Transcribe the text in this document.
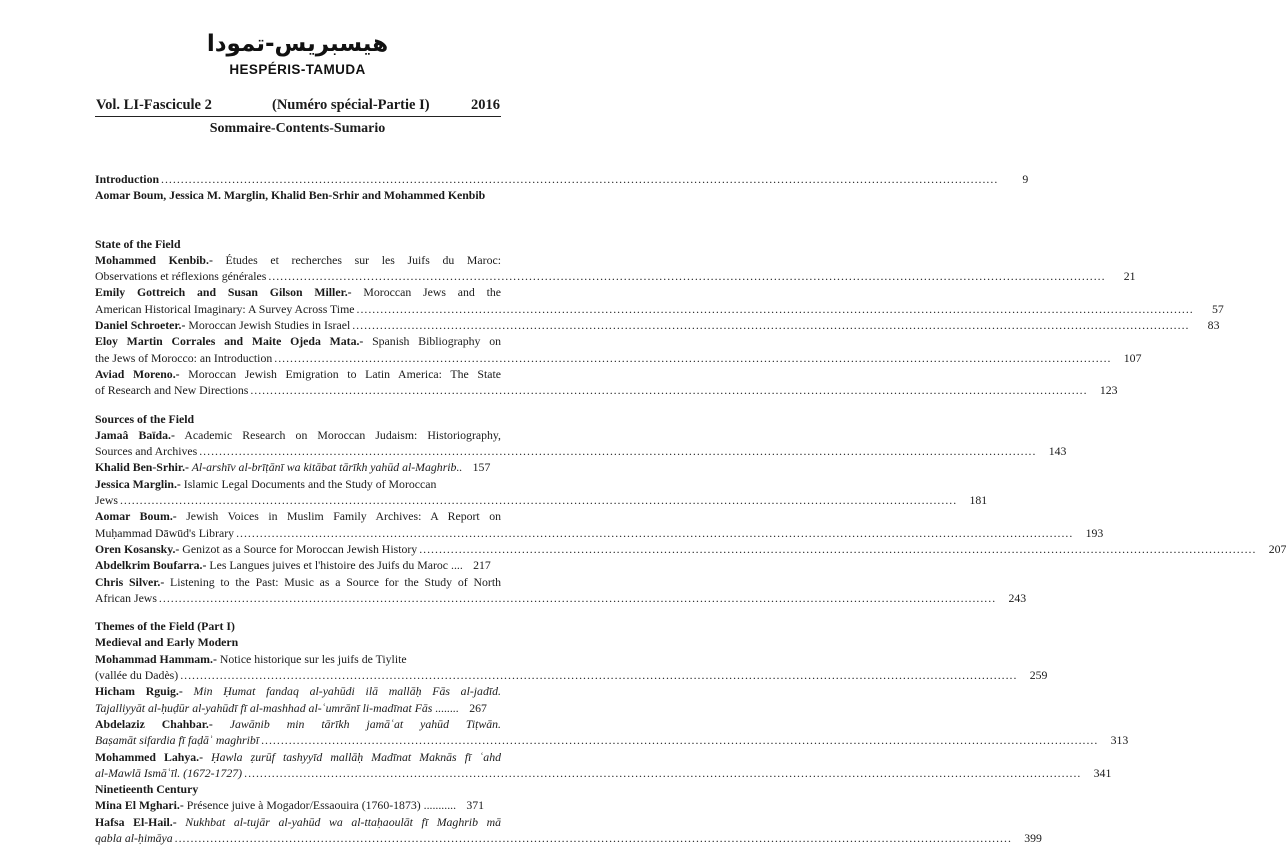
هيسبريس-تمودا
HESPÉRIS-TAMUDA
Vol. LI-Fascicule 2	(Numéro spécial-Partie I)	2016
Sommaire-Contents-Sumario
Introduction .....	9
Aomar Boum, Jessica M. Marglin, Khalid Ben-Srhir and Mohammed Kenbib
State of the Field
Mohammed Kenbib.- Études et recherches sur les Juifs du Maroc:
Observations et réflexions générales .....	21
Emily Gottreich and Susan Gilson Miller.- Moroccan Jews and the
American Historical Imaginary: A Survey Across Time .....	57
Daniel Schroeter.- Moroccan Jewish Studies in Israel .....	83
Eloy Martin Corrales and Maite Ojeda Mata.- Spanish Bibliography on
the Jews of Morocco: an Introduction .....	107
Aviad Moreno.- Moroccan Jewish Emigration to Latin America: The State
of Research and New Directions .....	123
Sources of the Field
Jamaâ Baïda.- Academic Research on Moroccan Judaism: Historiography,
Sources and Archives .....	143
Khalid Ben-Srhir.- Al-arshīv al-brīṭānī wa kitābat tārīkh yahūd al-Maghrib.. 157
Jessica Marglin.- Islamic Legal Documents and the Study of Moroccan
Jews .....	181
Aomar Boum.- Jewish Voices in Muslim Family Archives: A Report on
Muḥammad Dāwūd's Library .....	193
Oren Kosansky.- Genizot as a Source for Moroccan Jewish History .....	207
Abdelkrim Boufarra.- Les Langues juives et l'histoire des Juifs du Maroc .... 217
Chris Silver.- Listening to the Past: Music as a Source for the Study of North
African Jews .....	243
Themes of the Field (Part I)
Medieval and Early Modern
Mohammad Hammam.- Notice historique sur les juifs de Tiylite
(vallée du Dadès) .....	259
Hicham Rguig.- Min Ḥumat fandaq al-yahūdi ilā mallāḥ Fās al-jadīd.
Tajalliyyāt al-ḥuḍūr al-yahūdī fī al-mashhad al-ʿumrānī li-madīnat Fās ........ 267
Abdelaziz Chahbar.- Jawānib min tārīkh jamāʿat yahūd Tiṭwān.
Baṣamāt sifardia fī faḍāʾ maghribī .....	313
Mohammed Lahya.- Ḥawla ẓurūf tashyyīd mallāḥ Madīnat Maknās fī ʿahd
al-Mawlā Ismāʿīl. (1672-1727) .....	341
Ninetieenth Century
Mina El Mghari.- Présence juive à Mogador/Essaouira (1760-1873) ........... 371
Hafsa El-Hail.- Nukhbat al-tujār al-yahūd wa al-ttaḥaoulāt fī Maghrib mā
qabla al-ḥimāya .....	399
